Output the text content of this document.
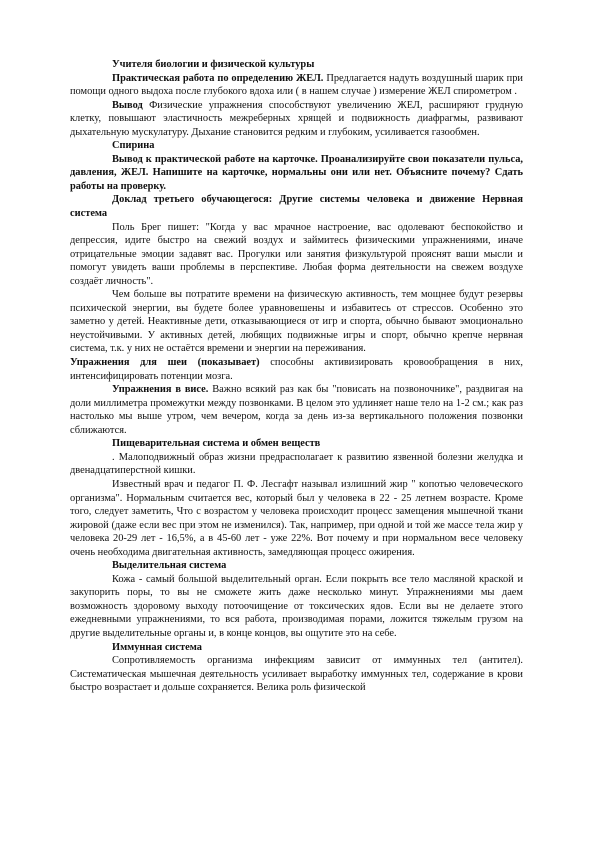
Учителя биологии и физической культуры

Практическая работа по определению ЖЕЛ. Предлагается надуть воздушный шарик при помощи одного выдоха после глубокого вдоха или ( в нашем случае ) измерение ЖЕЛ спирометром .

Вывод Физические упражнения способствуют увеличению ЖЕЛ, расширяют грудную клетку, повышают эластичность межреберных хрящей и подвижность диафрагмы, развивают дыхательную мускулатуру. Дыхание становится редким и глубоким, усиливается газообмен.

Спирина

Вывод к практической работе на карточке. Проанализируйте свои показатели пульса, давления, ЖЕЛ. Напишите на карточке, нормальны они или нет. Объясните почему? Сдать работы на проверку.

Доклад третьего обучающегося: Другие системы человека и движение Нервная система

Поль Брег пишет: "Когда у вас мрачное настроение, вас одолевают беспокойство и депрессия, идите быстро на свежий воздух и займитесь физическими упражнениями, иначе отрицательные эмоции задавят вас. Прогулки или занятия физкультурой прояснят ваши мысли и помогут увидеть ваши проблемы в перспективе. Любая форма деятельности на свежем воздухе создаёт личность".

Чем больше вы потратите времени на физическую активность, тем мощнее будут резервы психической энергии, вы будете более уравновешены и избавитесь от стрессов. Особенно это заметно у детей. Неактивные дети, отказывающиеся от игр и спорта, обычно бывают эмоционально неустойчивыми. У активных детей, любящих подвижные игры и спорт, обычно крепче нервная система, т.к. у них не остаётся времени и энергии на переживания.

Упражнения для шеи (показывает) способны активизировать кровообращения в них, интенсифицировать потенции мозга.

Упражнения в висе. Важно всякий раз как бы "повисать на позвоночнике", раздвигая на доли миллиметра промежутки между позвонками. В целом это удлиняет наше тело на 1-2 см.; как раз настолько мы выше утром, чем вечером, когда за день из-за вертикального положения позвонки сближаются.

Пищеварительная система и обмен веществ

. Малоподвижный образ жизни предрасполагает к развитию язвенной болезни желудка и двенадцатиперстной кишки.

Известный врач и педагог П. Ф. Лесгафт называл излишний жир " копотью человеческого организма". Нормальным считается вес, который был у человека в 22 - 25 летнем возрасте. Кроме того, следует заметить, Что с возрастом у человека происходит процесс замещения мышечной ткани жировой (даже если вес при этом не изменился). Так, например, при одной и той же массе тела жир у человека 20-29 лет - 16,5%, а в 45-60 лет - уже 22%. Вот почему и при нормальном весе человеку очень необходима двигательная активность, замедляющая процесс ожирения.

Выделительная система

Кожа - самый большой выделительный орган. Если покрыть все тело масляной краской и закупорить поры, то вы не сможете жить даже несколько минут. Упражнениями мы даем возможность здоровому выходу потоочищение от токсических ядов. Если вы не делаете этого ежедневными упражнениями, то вся работа, производимая порами, ложится тяжелым грузом на другие выделительные органы и, в конце концов, вы ощутите это на себе.

Иммунная система

Сопротивляемость организма инфекциям зависит от иммунных тел (антител). Систематическая мышечная деятельность усиливает выработку иммунных тел, содержание в крови быстро возрастает и дольше сохраняется. Велика роль физической
